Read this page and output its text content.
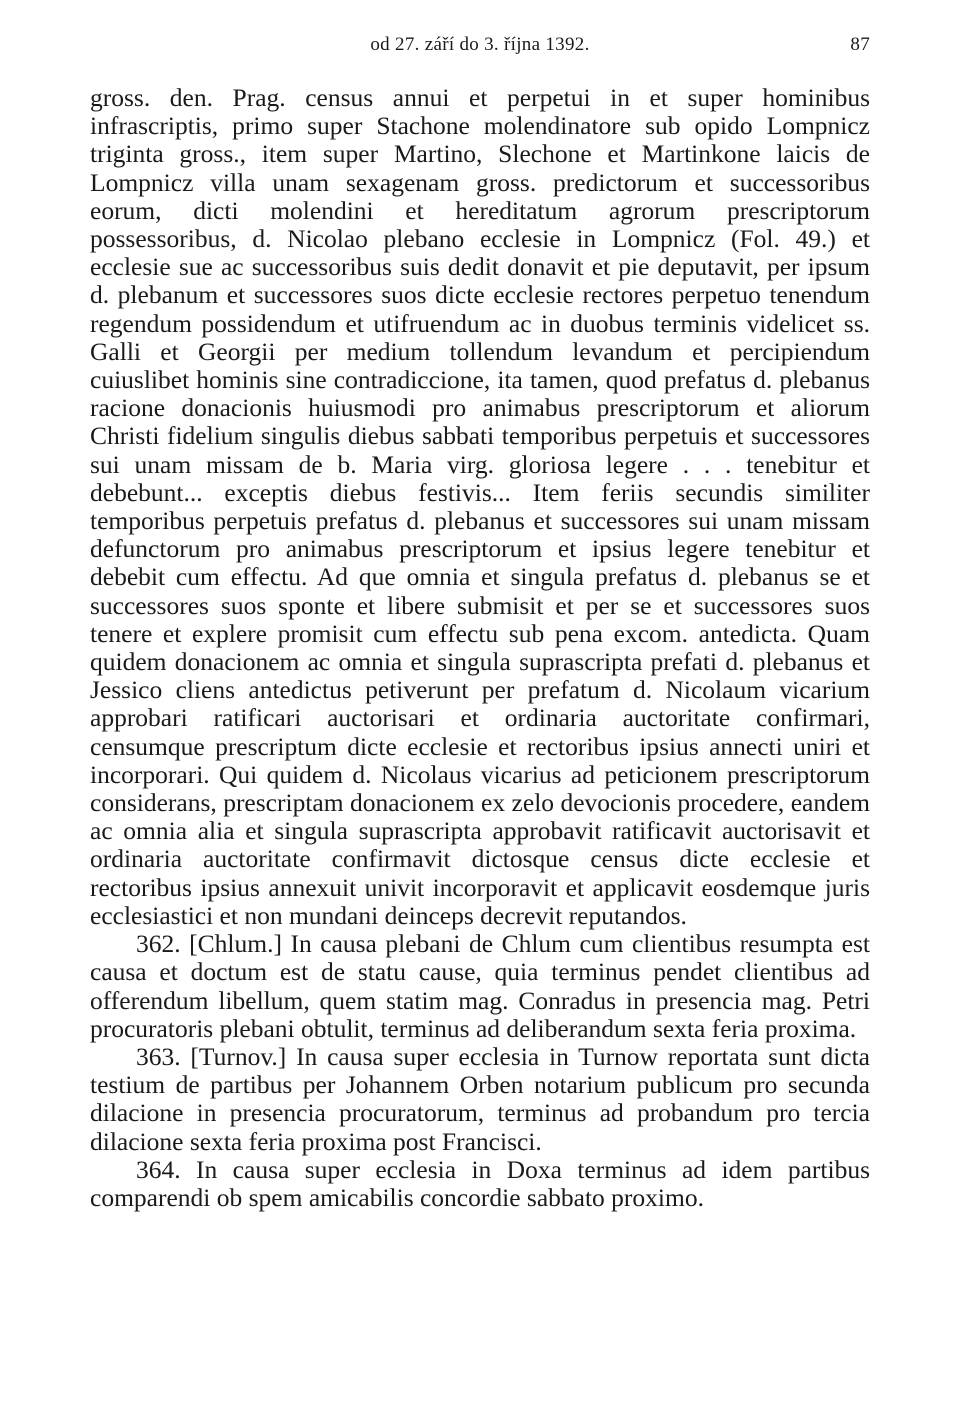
od 27. září do 3. října 1392.	87

gross. den. Prag. census annui et perpetui in et super hominibus infrascriptis, primo super Stachone molendinatore sub opido Lompnicz triginta gross., item super Martino, Slechone et Martinkone laicis de Lompnicz villa unam sexagenam gross. predictorum et successoribus eorum, dicti molendini et hereditatum agrorum prescriptorum possessoribus, d. Nicolao plebano ecclesie in Lompnicz (Fol. 49.) et ecclesie sue ac successoribus suis dedit donavit et pie deputavit, per ipsum d. plebanum et successores suos dicte ecclesie rectores perpetuo tenendum regendum possidendum et utifruendum ac in duobus terminis videlicet ss. Galli et Georgii per medium tollendum levandum et percipiendum cuiuslibet hominis sine contradiccione, ita tamen, quod prefatus d. plebanus racione donacionis huiusmodi pro animabus prescriptorum et aliorum Christi fidelium singulis diebus sabbati temporibus perpetuis et successores sui unam missam de b. Maria virg. gloriosa legere . . . tenebitur et debebunt... exceptis diebus festivis... Item feriis secundis similiter temporibus perpetuis prefatus d. plebanus et successores sui unam missam defunctorum pro animabus prescriptorum et ipsius legere tenebitur et debebit cum effectu. Ad que omnia et singula prefatus d. plebanus se et successores suos sponte et libere submisit et per se et successores suos tenere et explere promisit cum effectu sub pena excom. antedicta. Quam quidem donacionem ac omnia et singula suprascripta prefati d. plebanus et Jessico cliens antedictus petiverunt per prefatum d. Nicolaum vicarium approbari ratificari auctorisari et ordinaria auctoritate confirmari, censumque prescriptum dicte ecclesie et rectoribus ipsius annecti uniri et incorporari. Qui quidem d. Nicolaus vicarius ad peticionem prescriptorum considerans, prescriptam donacionem ex zelo devocionis procedere, eandem ac omnia alia et singula suprascripta approbavit ratificavit auctorisavit et ordinaria auctoritate confirmavit dictosque census dicte ecclesie et rectoribus ipsius annexuit univit incorporavit et applicavit eosdemque juris ecclesiastici et non mundani deinceps decrevit reputandos.

362. [Chlum.] In causa plebani de Chlum cum clientibus resumpta est causa et doctum est de statu cause, quia terminus pendet clientibus ad offerendum libellum, quem statim mag. Conradus in presencia mag. Petri procuratoris plebani obtulit, terminus ad deliberandum sexta feria proxima.

363. [Turnov.] In causa super ecclesia in Turnow reportata sunt dicta testium de partibus per Johannem Orben notarium publicum pro secunda dilacione in presencia procuratorum, terminus ad probandum pro tercia dilacione sexta feria proxima post Francisci.

364. In causa super ecclesia in Doxa terminus ad idem partibus comparendi ob spem amicabilis concordie sabbato proximo.
